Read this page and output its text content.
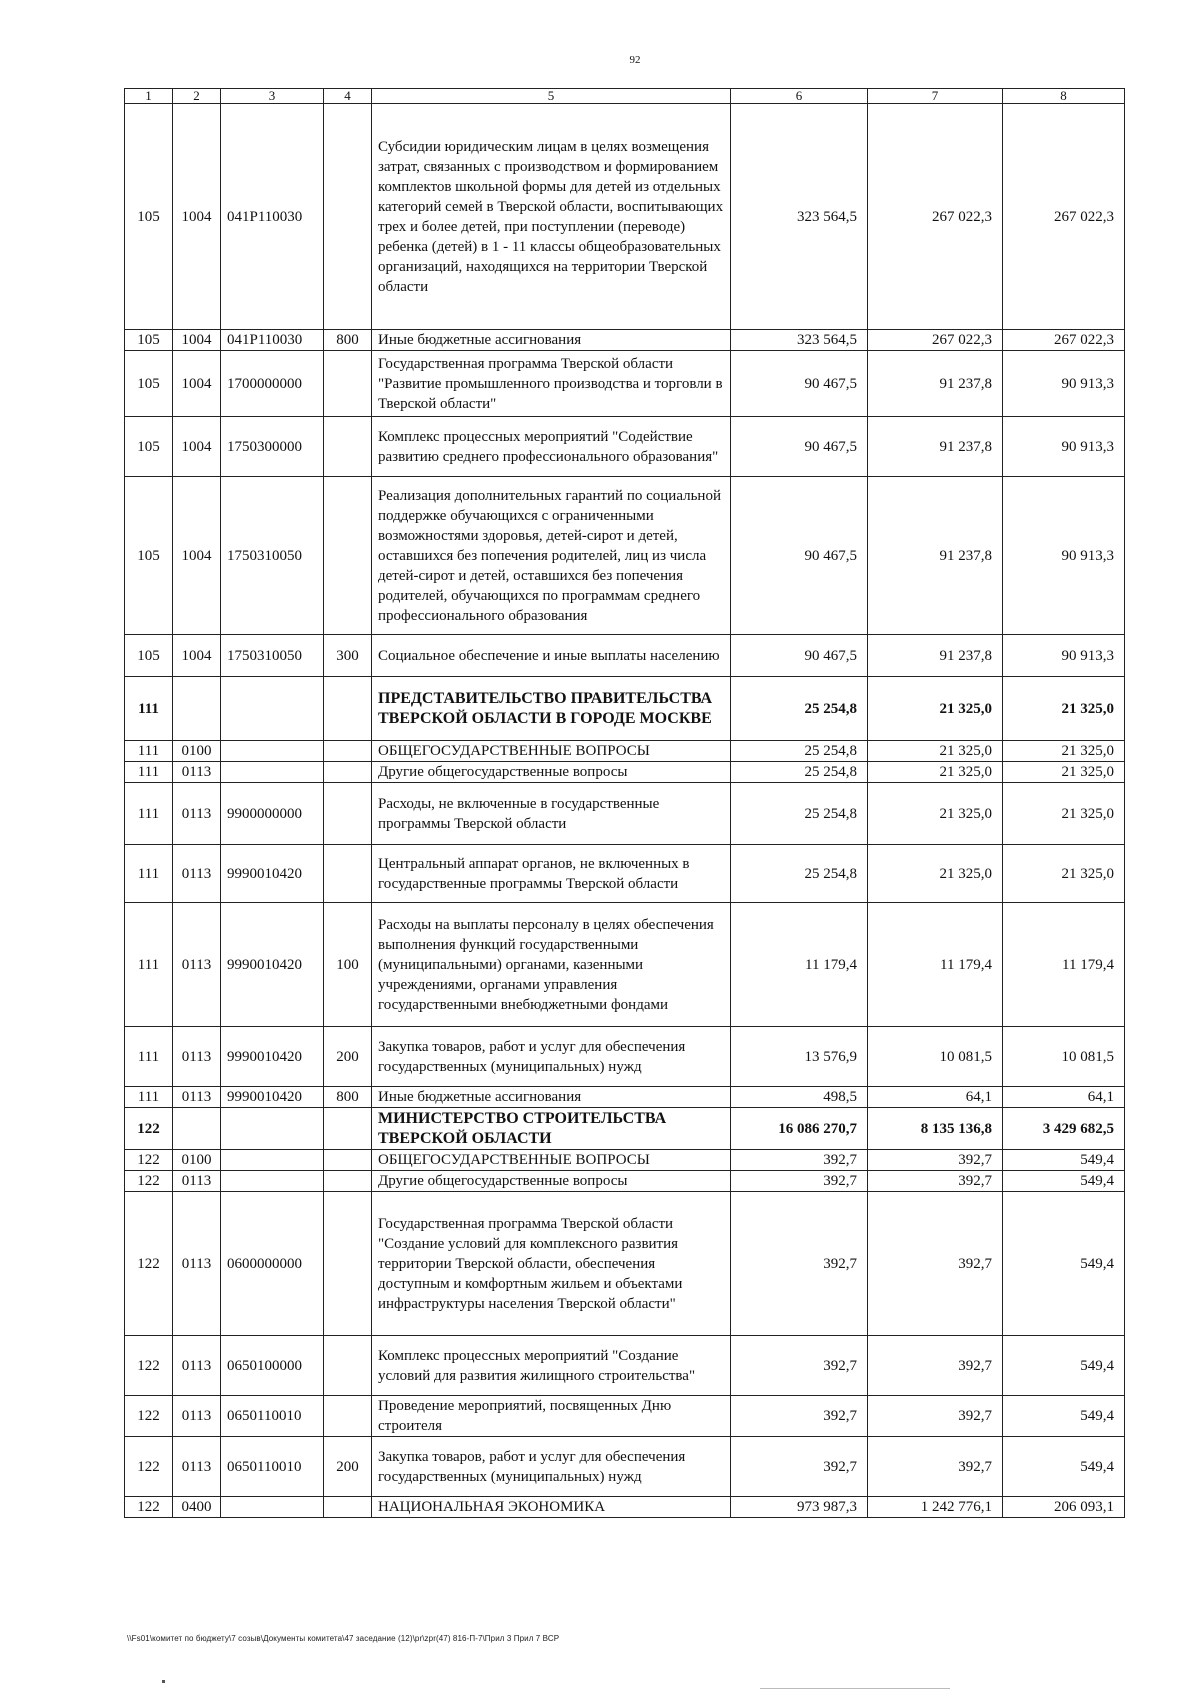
92
1	2	3	4	5	6	7	8
105	1004	041P110030		Субсидии юридическим лицам в целях возмещения затрат, связанных с производством и формированием комплектов школьной формы для детей из отдельных категорий семей в Тверской области, воспитывающих трех и более детей, при поступлении (переводе) ребенка (детей) в 1 - 11 классы общеобразовательных организаций, находящихся на территории Тверской области	323 564,5	267 022,3	267 022,3
105	1004	041P110030	800	Иные бюджетные ассигнования	323 564,5	267 022,3	267 022,3
105	1004	1700000000		Государственная программа Тверской области "Развитие промышленного производства и торговли в Тверской области"	90 467,5	91 237,8	90 913,3
105	1004	1750300000		Комплекс процессных мероприятий "Содействие развитию среднего профессионального образования"	90 467,5	91 237,8	90 913,3
105	1004	1750310050		Реализация дополнительных гарантий по социальной поддержке обучающихся с ограниченными возможностями здоровья, детей-сирот и детей, оставшихся без попечения родителей, лиц из числа детей-сирот и детей, оставшихся без попечения родителей, обучающихся по программам среднего профессионального образования	90 467,5	91 237,8	90 913,3
105	1004	1750310050	300	Социальное обеспечение и иные выплаты населению	90 467,5	91 237,8	90 913,3
111				ПРЕДСТАВИТЕЛЬСТВО ПРАВИТЕЛЬСТВА ТВЕРСКОЙ ОБЛАСТИ В ГОРОДЕ МОСКВЕ	25 254,8	21 325,0	21 325,0
111	0100			ОБЩЕГОСУДАРСТВЕННЫЕ ВОПРОСЫ	25 254,8	21 325,0	21 325,0
111	0113			Другие общегосударственные вопросы	25 254,8	21 325,0	21 325,0
111	0113	9900000000		Расходы, не включенные в государственные программы Тверской области	25 254,8	21 325,0	21 325,0
111	0113	9990010420		Центральный аппарат органов, не включенных в государственные программы Тверской области	25 254,8	21 325,0	21 325,0
111	0113	9990010420	100	Расходы на выплаты персоналу в целях обеспечения выполнения функций государственными (муниципальными) органами, казенными учреждениями, органами управления государственными внебюджетными фондами	11 179,4	11 179,4	11 179,4
111	0113	9990010420	200	Закупка товаров, работ и услуг для обеспечения государственных (муниципальных) нужд	13 576,9	10 081,5	10 081,5
111	0113	9990010420	800	Иные бюджетные ассигнования	498,5	64,1	64,1
122				МИНИСТЕРСТВО СТРОИТЕЛЬСТВА ТВЕРСКОЙ ОБЛАСТИ	16 086 270,7	8 135 136,8	3 429 682,5
122	0100			ОБЩЕГОСУДАРСТВЕННЫЕ ВОПРОСЫ	392,7	392,7	549,4
122	0113			Другие общегосударственные вопросы	392,7	392,7	549,4
122	0113	0600000000		Государственная программа Тверской области "Создание условий для комплексного развития территории Тверской области, обеспечения доступным и комфортным жильем и объектами инфраструктуры населения Тверской области"	392,7	392,7	549,4
122	0113	0650100000		Комплекс процессных мероприятий "Создание условий для развития жилищного строительства"	392,7	392,7	549,4
122	0113	0650110010		Проведение мероприятий, посвященных Дню строителя	392,7	392,7	549,4
122	0113	0650110010	200	Закупка товаров, работ и услуг для обеспечения государственных (муниципальных) нужд	392,7	392,7	549,4
122	0400			НАЦИОНАЛЬНАЯ ЭКОНОМИКА	973 987,3	1 242 776,1	206 093,1
\\Fs01\комитет по бюджету\7 созыв\Документы комитета\47 заседание (12)\pr\zpr(47) 816-П-7\Прил 3 Прил 7 ВСР
